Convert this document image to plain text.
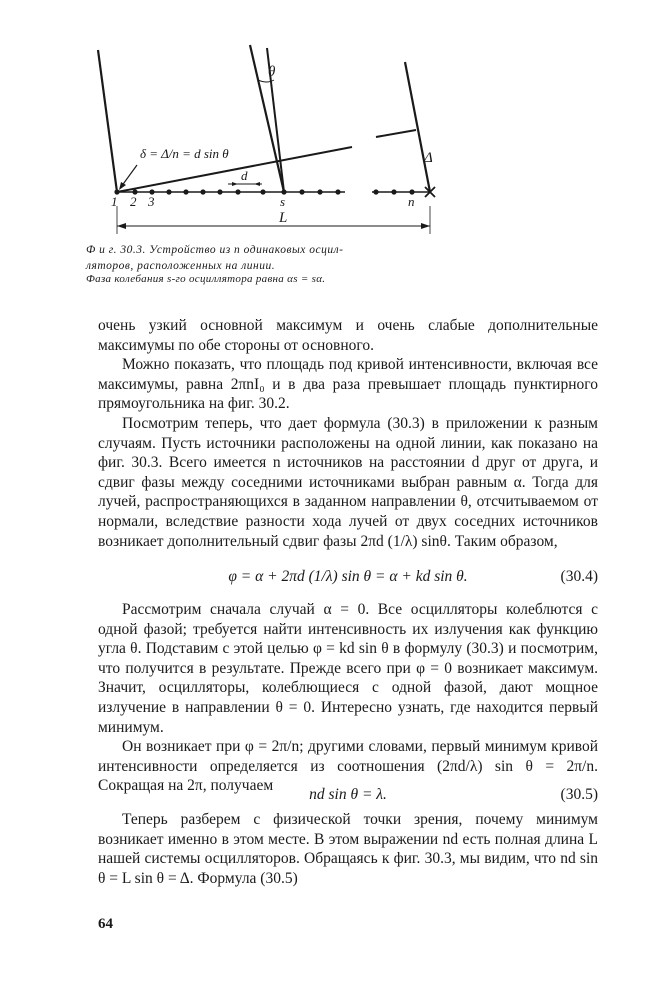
θ
δ = Δ/n = d sin θ
d
Δ
1 2 3	s	n
L
Ф и г. 30.3. Устройство из n одинаковых осцил-
ляторов, расположенных на линии.
Фаза колебания s-го осциллятора равна αs = sα.

очень узкий основной максимум и очень слабые дополнительные максимумы по обе стороны от основного.

Можно показать, что площадь под кривой интенсивности, включая все максимумы, равна 2πnI₀ и в два раза превышает площадь пунктирного прямоугольника на фиг. 30.2.

Посмотрим теперь, что дает формула (30.3) в приложении к разным случаям. Пусть источники расположены на одной линии, как показано на фиг. 30.3. Всего имеется n источников на расстоянии d друг от друга, и сдвиг фазы между соседними источниками выбран равным α. Тогда для лучей, распространяющихся в заданном направлении θ, отсчитываемом от нормали, вследствие разности хода лучей от двух соседних источников возникает дополнительный сдвиг фазы 2πd (1/λ) sinθ. Таким образом,

φ = α + 2πd (1/λ) sin θ = α + kd sin θ.	(30.4)

Рассмотрим сначала случай α = 0. Все осцилляторы колеблются с одной фазой; требуется найти интенсивность их излучения как функцию угла θ. Подставим с этой целью φ = kd sin θ в формулу (30.3) и посмотрим, что получится в результате. Прежде всего при φ = 0 возникает максимум. Значит, осцилляторы, колеблющиеся с одной фазой, дают мощное излучение в направлении θ = 0. Интересно узнать, где находится первый минимум.

Он возникает при φ = 2π/n; другими словами, первый минимум кривой интенсивности определяется из соотношения (2πd/λ) sin θ = 2π/n. Сокращая на 2π, получаем

nd sin θ = λ.	(30.5)

Теперь разберем с физической точки зрения, почему минимум возникает именно в этом месте. В этом выражении nd есть полная длина L нашей системы осцилляторов. Обращаясь к фиг. 30.3, мы видим, что nd sin θ = L sin θ = Δ. Формула (30.5)

64
